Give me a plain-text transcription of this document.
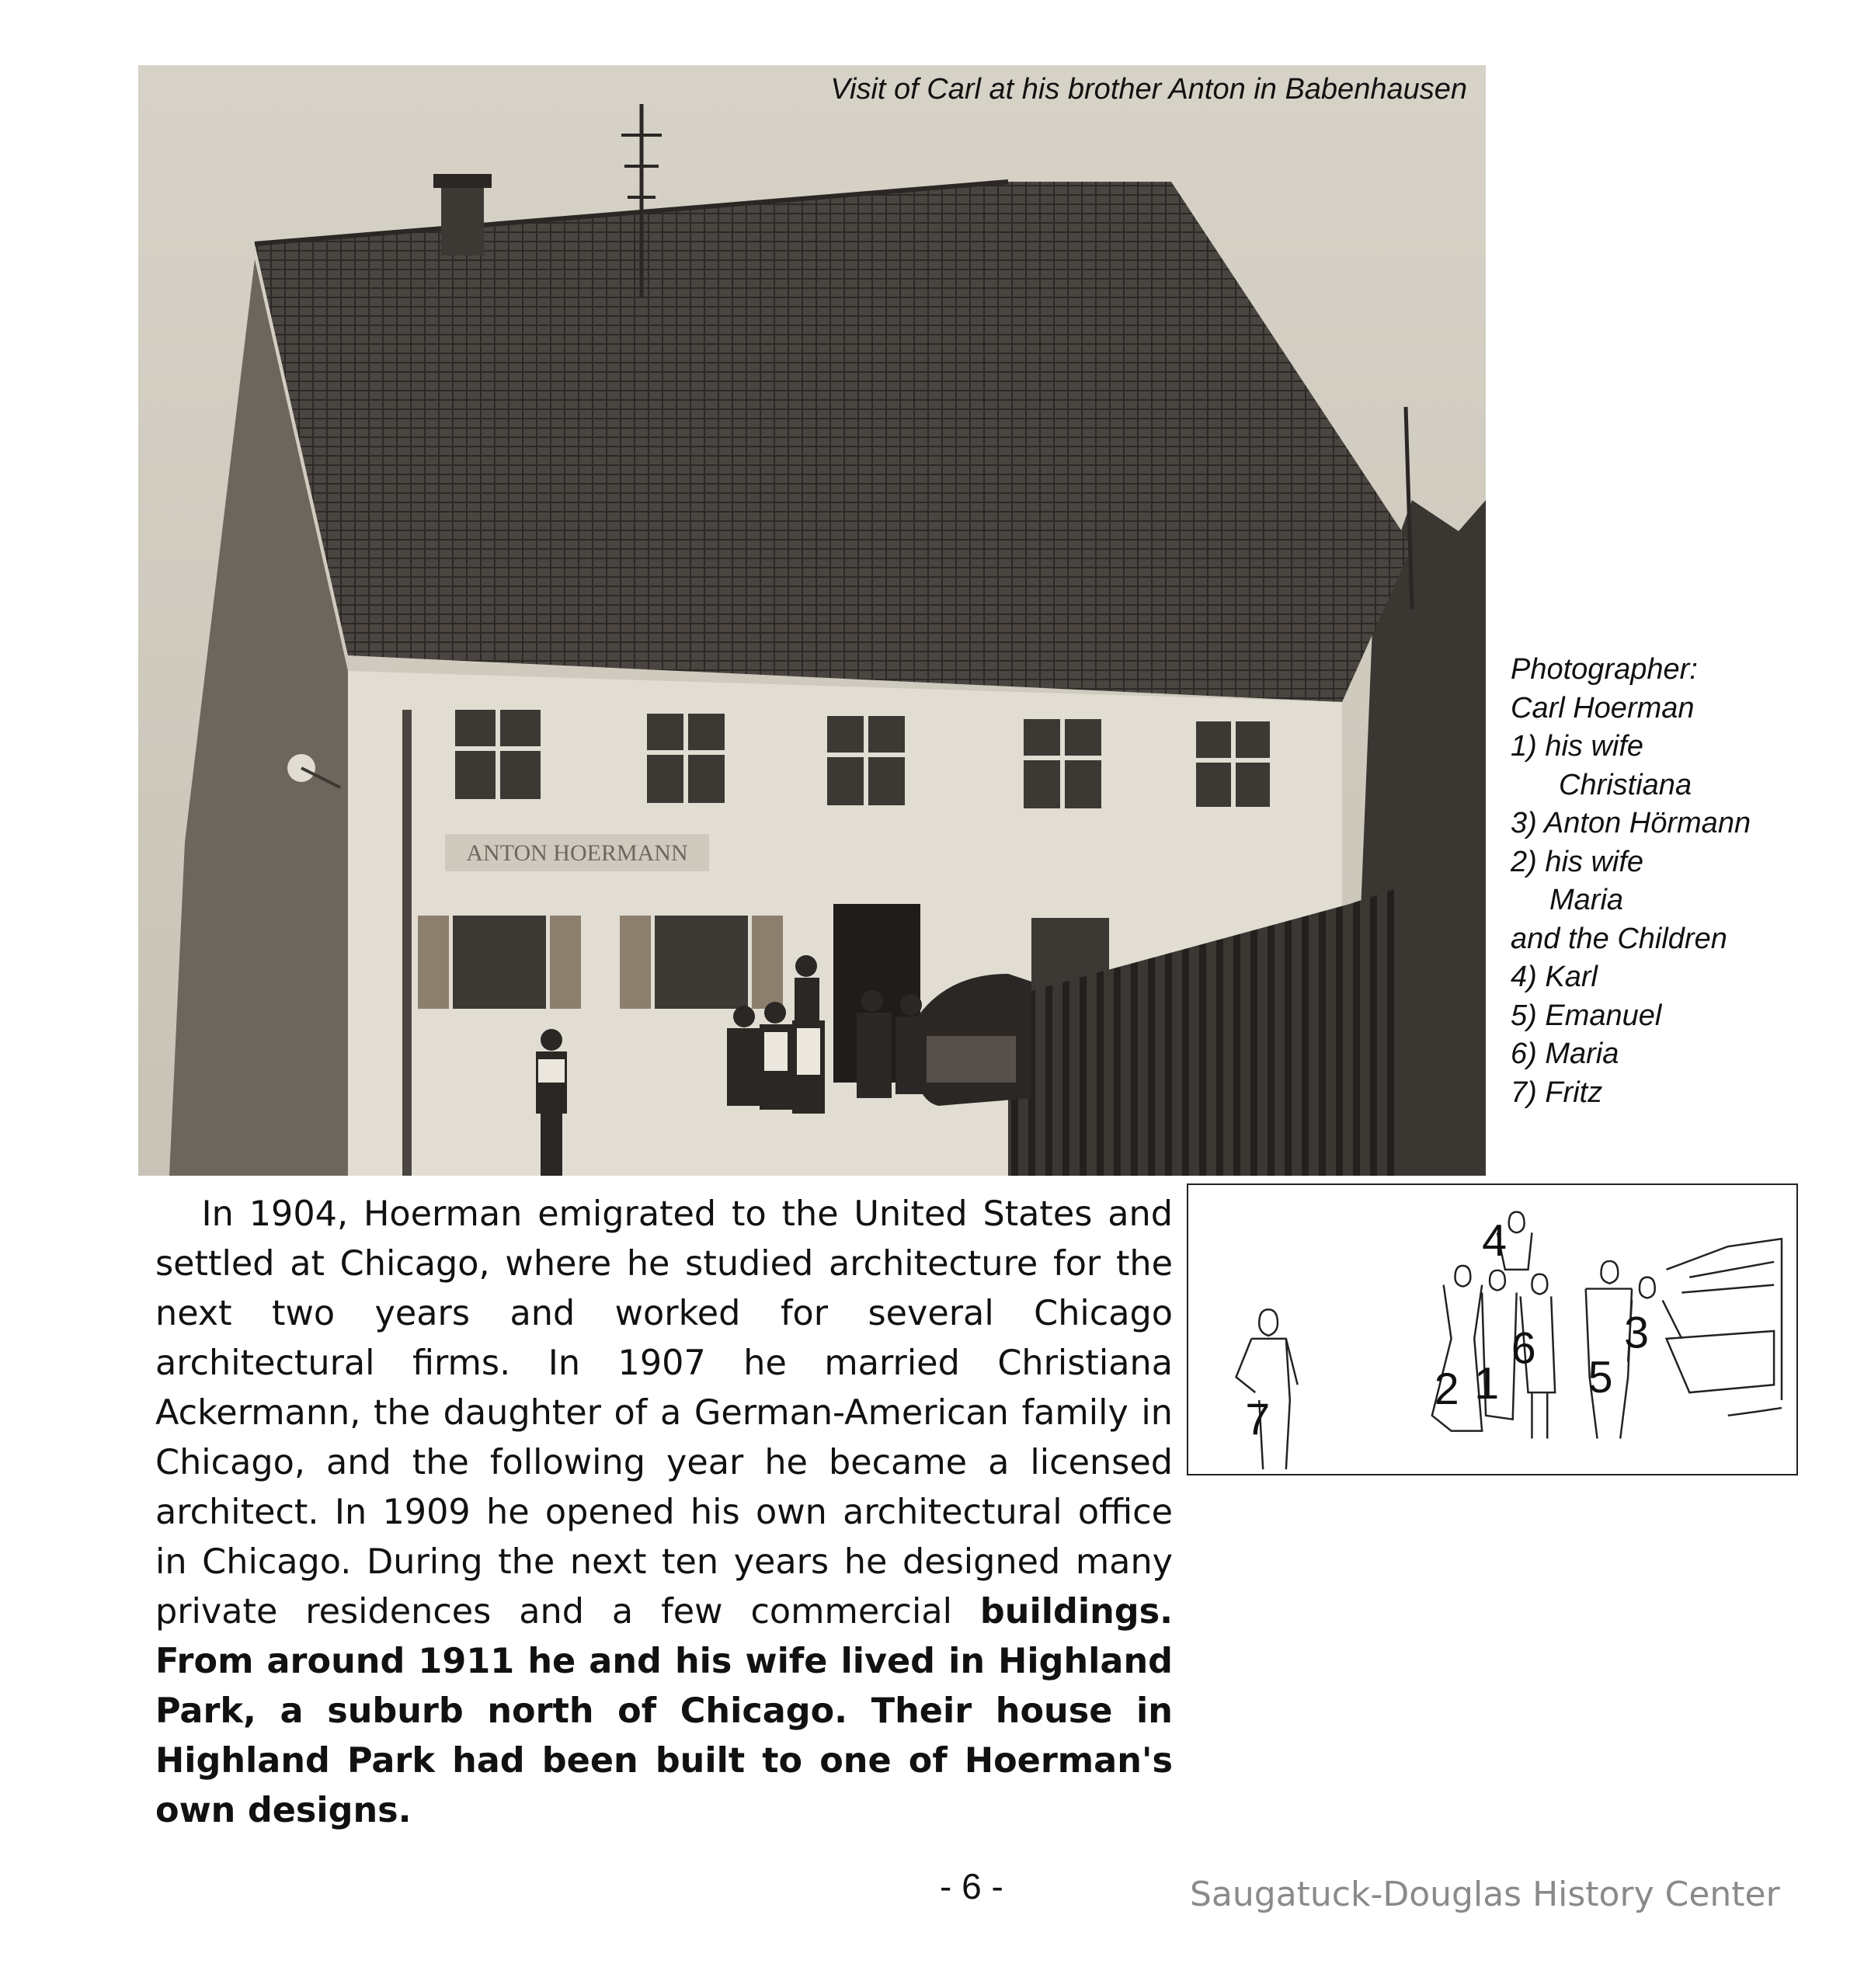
ANTON HOERMANN
Visit of Carl at his brother Anton in Babenhausen
Photographer:
Carl Hoerman
1) his wife
Christiana
3) Anton Hörmann
2) his wife
Maria
and the Children
4) Karl
5) Emanuel
6) Maria
7) Fritz
7
4
2 1
6
5
3
In 1904, Hoerman emigrated to the United States and settled at Chicago, where he studied architecture for the next two years and worked for several Chicago architectural firms. In 1907 he married Christiana Ackermann, the daughter of a German-American family in Chicago, and the following year he became a licensed architect. In 1909 he opened his own architectural office in Chicago. During the next ten years he designed many private residences and a few commercial buildings. From around 1911 he and his wife lived in Highland Park, a suburb north of Chicago. Their house in Highland Park had been built to one of Hoerman's own designs.
- 6 -	Saugatuck-Douglas History Center
